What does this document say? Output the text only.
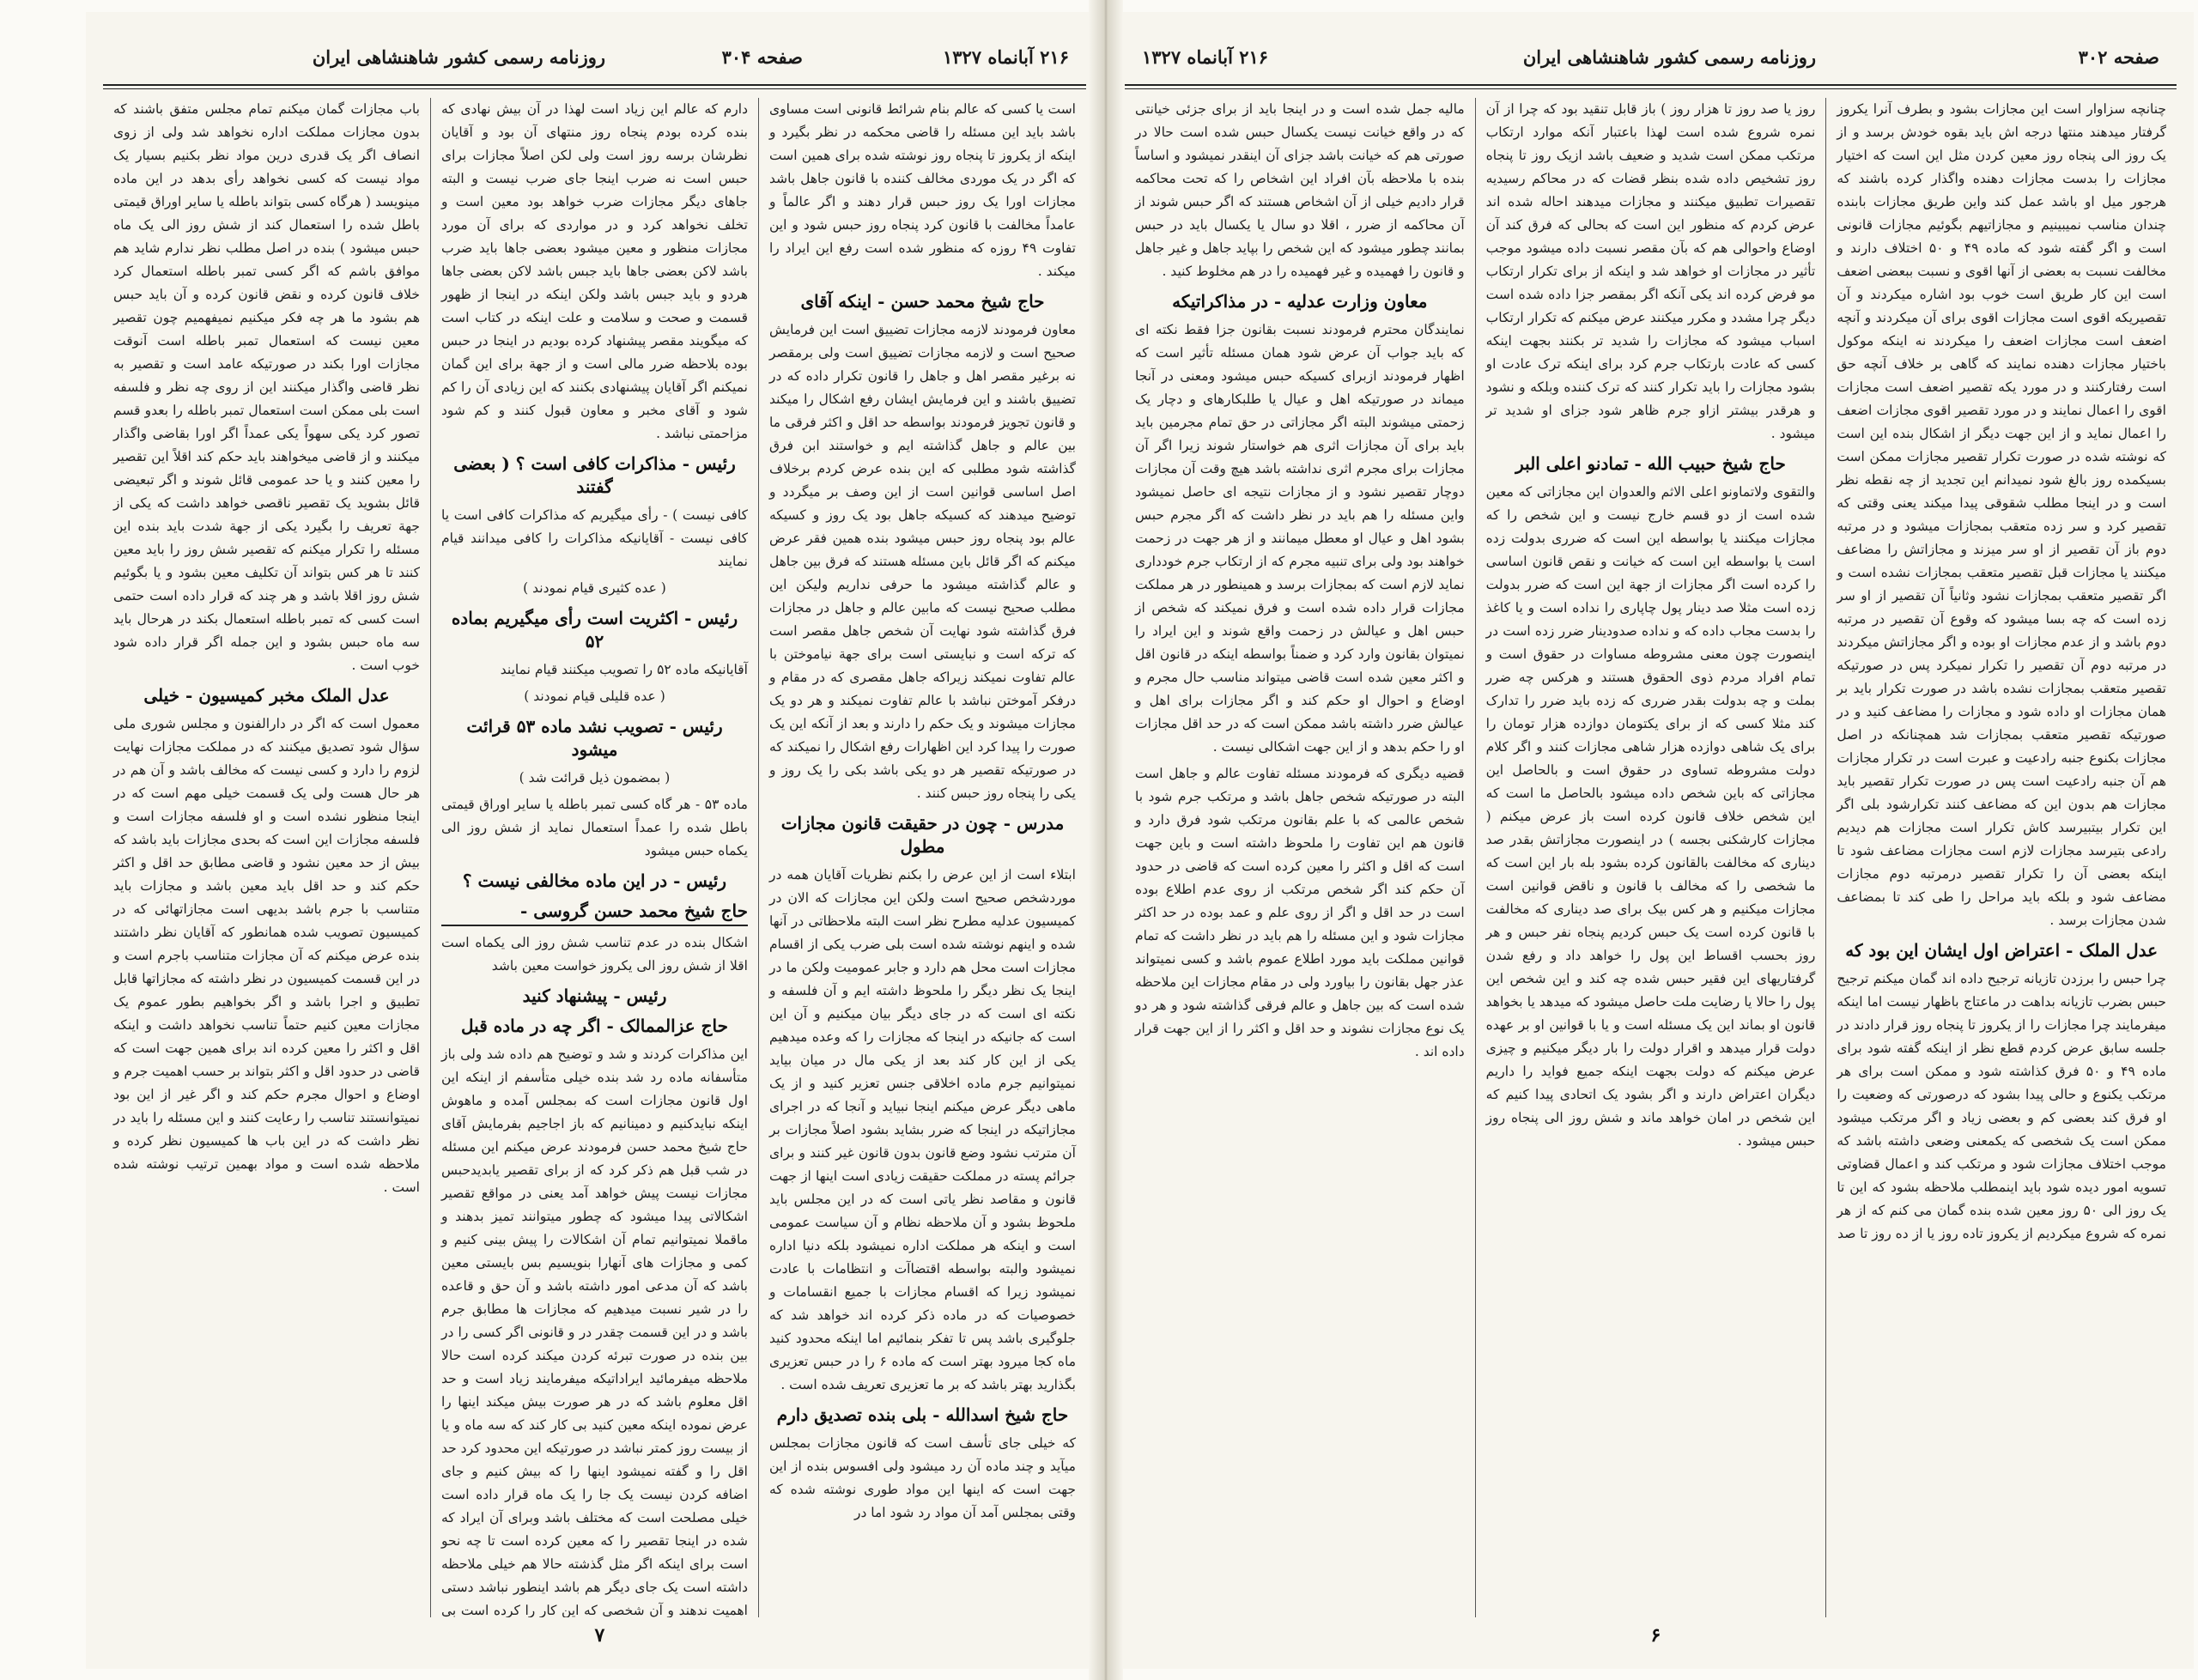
صفحه ۳۰۲
روزنامه رسمی کشور شاهنشاهی ایران
۲۱۶ آبانماه ۱۳۲۷

چنانچه سزاوار است این مجازات بشود و بطرف آنرا یکروز گرفتار میدهند منتها درجه اش باید بقوه خودش برسد و از یک روز الی پنجاه روز معین کردن مثل این است که اختیار مجازات را بدست مجازات دهنده واگذار کرده باشند که هرجور میل او باشد عمل کند واین طریق مجازات بابنده چندان مناسب نمیبینیم و مجازاتیهم بگوئیم مجازات قانونی است و اگر گفته شود که ماده ۴۹ و ۵۰ اختلاف دارند و مخالفت نسبت به بعضی از آنها اقوی و نسبت ببعضی اضعف است این کار طریق است خوب بود اشاره میکردند و آن تقصیریکه اقوی است مجازات اقوی برای آن میکردند و آنچه اضعف است مجازات اضعف را میکردند نه اینکه موکول باختیار مجازات دهنده نمایند که گاهی بر خلاف آنچه حق است رفتارکنند و در مورد یکه تقصیر اضعف است مجازات اقوی را اعمال نمایند و در مورد تقصیر اقوی مجازات اضعف را اعمال نماید و از این جهت دیگر از اشکال بنده این است که نوشته شده در صورت تکرار تقصیر مجازات ممکن است بسیکمده روز بالغ شود نمیدانم این تجدید از چه نقطه نظر است و در اینجا مطلب شقوقی پیدا میکند یعنی وقتی که تقصیر کرد و سر زده متعقب بمجازات میشود و در مرتبه دوم باز آن تقصیر از او سر میزند و مجازاتش را مضاعف میکنند یا مجازات قبل تقصیر متعقب بمجازات نشده است و اگر تقصیر متعقب بمجازات نشود وثانیاً آن تقصیر از او سر زده است که چه بسا میشود که وقوع آن تقصیر در مرتبه دوم باشد و از عدم مجازات او بوده و اگر مجازاتش میکردند در مرتبه دوم آن تقصیر را تکرار نمیکرد پس در صورتیکه تقصیر متعقب بمجازات نشده باشد در صورت تکرار باید بر همان مجازات او داده شود و مجازات را مضاعف کنید و در صورتیکه تقصیر متعقب بمجازات شد همچنانکه در اصل مجازات بکنوع جنبه رادعیت و عبرت است در تکرار مجازات هم آن جنبه رادعیت است پس در صورت تکرار تقصیر باید مجازات هم بدون این که مضاعف کنند تکرارشود بلی اگر این تکرار بیتبیرسد کاش تکرار است مجازات هم دیدیم رادعی بتیرسد مجازات لازم است مجازات مضاعف شود تا اینکه بعضی آن را تکرار تقصیر درمرتبه دوم مجازات مضاعف شود و بلکه باید مراحل را طی کند تا بمضاعف شدن مجازات برسد .

عدل الملک - اعتراض اول ایشان این بود که

چرا حبس را برزدن تازیانه ترجیح داده اند گمان میکنم ترجیح حبس بضرب تازیانه بداهت در ماعتاج باظهار نیست اما اینکه میفرمایند چرا مجازات را از یکروز تا پنجاه روز قرار دادند در جلسه سابق عرض کردم قطع نظر از اینکه گفته شود برای ماده ۴۹ و ۵۰ فرق کذاشته شود و ممکن است برای هر مرتکب یکنوع و حالی پیدا بشود که درصورتی که وضعیت را او فرق کند بعضی کم و بعضی زیاد و اگر مرتکب میشود ممکن است یک شخصی که یکمعنی وضعی داشته باشد که موجب اختلاف مجازات شود و مرتکب کند و اعمال قضاوتی تسویه امور دیده شود باید اینمطلب ملاحظه بشود که این تا یک روز الی ۵۰ روز معین شده بنده گمان می کنم که از هر نمره که شروع میکردیم از یکروز تاده روز یا از ده روز تا صد

روز یا صد روز تا هزار روز ) باز قابل تنقید بود که چرا از آن نمره شروع شده است لهذا باعتبار آنکه موارد ارتکاب مرتکب ممکن است شدید و ضعیف باشد ازیک روز تا پنجاه روز تشخیص داده شده بنظر قضات که در محاکم رسیدیه تقصیرات تطبیق میکنند و مجازات میدهند احاله شده اند عرض کردم که منظور این است که بحالی که فرق کند آن اوضاع واحوالی هم که بآن مقصر نسبت داده میشود موجب تأثیر در مجازات او خواهد شد و اینکه از برای تکرار ارتکاب مو فرض کرده اند یکی آنکه اگر بمقصر جزا داده شده است دیگر چرا مشدد و مکرر میکنند عرض میکنم که تکرار ارتکاب اسباب میشود که مجازات را شدید تر بکنند بجهت اینکه کسی که عادت بارتکاب جرم کرد برای اینکه ترک عادت او بشود مجازات را باید تکرار کنند که ترک کننده وبلکه و نشود و هرقدر بیشتر ازاو جرم ظاهر شود جزای او شدید تر میشود .

حاج شیخ حبیب الله - تمادنو اعلی البر

والتقوی ولاتماونو اعلی الاثم والعدوان این مجازاتی که معین شده است از دو قسم خارج نیست و این شخص را که مجازات میکنند یا بواسطه این است که ضرری بدولت زده است یا بواسطه این است که خیانت و نقص قانون اساسی را کرده است اگر مجازات از جهة این است که ضرر بدولت زده است مثلا صد دینار پول چاپاری را نداده است و یا کاغذ را بدست مجاب داده که و نداده صدودینار ضرر زده است در اینصورت چون معنی مشروطه مساوات در حقوق است و تمام افراد مردم ذوی الحقوق هستند و هرکس چه ضرر بملت و چه بدولت بقدر ضرری که زده باید ضرر را تدارک کند مثلا کسی که از برای یکتومان دوازده هزار تومان را برای یک شاهی دوازده هزار شاهی مجازات کنند و اگر کلام دولت مشروطه تساوی در حقوق است و بالحاصل این مجازاتی که باین شخص داده میشود بالحاصل ما است که این شخص خلاف قانون کرده است باز عرض میکنم ( مجازات کارشکنی بجسه ) در اینصورت مجازاتش بقدر صد دیناری که مخالفت بالقانون کرده بشود بله بار این است که ما شخصی را که مخالف با قانون و ناقض قوانین است مجازات میکنیم و هر کس بیک برای صد دیناری که مخالفت با قانون کرده است یک حبس کردیم پنجاه نفر حبس و هر روز بحسب اقساط این پول را خواهد داد و رفع شدن گرفتاریهای این فقیر حبس شده چه کند و این شخص این پول را حالا یا رضایت ملت حاصل میشود که میدهد یا بخواهد قانون او بماند این یک مسئله است و یا با قوانین او بر عهده دولت قرار میدهد و اقرار دولت را بار دیگر میکنیم و چیزی عرض میکنم که دولت بجهت اینکه جمیع فواید را داریم دیگران اعتراض دارند و اگر بشود یک اتحادی پیدا کنیم که این شخص در امان خواهد ماند و شش روز الی پنجاه روز حبس میشود .

مالیه جمل شده است و در اینجا باید از برای جزئی خیانتی که در واقع خیانت نیست یکسال حبس شده است حالا در صورتی هم که خیانت باشد جزای آن اینقدر نمیشود و اساساً بنده با ملاحظه بآن افراد این اشخاص را که تحت محاکمه قرار دادیم خیلی از آن اشخاص هستند که اگر حبس شوند از آن محاکمه از ضرر ، اقلا دو سال یا یکسال باید در حبس بمانند چطور میشود که این شخص را بپاید جاهل و غیر جاهل و قانون را فهمیده و غیر فهمیده را در هم مخلوط کنید .

معاون وزارت عدلیه - در مذاکراتیکه

نمایندگان محترم فرمودند نسبت بقانون جزا فقط نکته ای که باید جواب آن عرض شود همان مسئله تأثیر است که اظهار فرمودند ازبرای کسیکه حبس میشود ومعنی در آنجا میماند در صورتیکه اهل و عیال یا طلبکارهای و دچار یک زحمتی میشوند البته اگر مجازاتی در حق تمام مجرمین باید باید برای آن مجازات اثری هم خواستار شوند زیرا اگر آن مجازات برای مجرم اثری نداشته باشد هیچ وقت آن مجازات دوچار تقصیر نشود و از مجازات نتیجه ای حاصل نمیشود واین مسئله را هم باید در نظر داشت که اگر مجرم حبس بشود اهل و عیال او معطل میمانند و از هر جهت در زحمت خواهند بود ولی برای تنبیه مجرم که از ارتکاب جرم خودداری نماید لازم است که بمجازات برسد و همینطور در هر مملکت مجازات قرار داده شده است و فرق نمیکند که شخص از حبس اهل و عیالش در زحمت واقع شوند و این ایراد را نمیتوان بقانون وارد کرد و ضمناً بواسطه اینکه در قانون اقل و اکثر معین شده است قاضی میتواند مناسب حال مجرم و اوضاع و احوال او حکم کند و اگر مجازات برای اهل و عیالش ضرر داشته باشد ممکن است که در حد اقل مجازات او را حکم بدهد و از این جهت اشکالی نیست .

قضیه دیگری که فرمودند مسئله تفاوت عالم و جاهل است البته در صورتیکه شخص جاهل باشد و مرتکب جرم شود با شخص عالمی که با علم بقانون مرتکب شود فرق دارد و قانون هم این تفاوت را ملحوظ داشته است و باین جهت است که اقل و اکثر را معین کرده است که قاضی در حدود آن حکم کند اگر شخص مرتکب از روی عدم اطلاع بوده است در حد اقل و اگر از روی علم و عمد بوده در حد اکثر مجازات شود و این مسئله را هم باید در نظر داشت که تمام قوانین مملکت باید مورد اطلاع عموم باشد و کسی نمیتواند عذر جهل بقانون را بیاورد ولی در مقام مجازات این ملاحظه شده است که بین جاهل و عالم فرقی گذاشته شود و هر دو یک نوع مجازات نشوند و حد اقل و اکثر را از این جهت قرار داده اند .

۶
۲۱۶ آبانماه ۱۳۲۷
روزنامه رسمی کشور شاهنشاهی ایران	صفحه ۳۰۴

است یا کسی که عالم بنام شرائط قانونی است مساوی باشد باید این مسئله را قاضی محکمه در نظر بگیرد و اینکه از یکروز تا پنجاه روز نوشته شده برای همین است که اگر در یک موردی مخالف کننده با قانون جاهل باشد مجازات اورا یک روز حبس قرار دهند و اگر عالماً و عامداً مخالفت با قانون کرد پنجاه روز حبس شود و این تفاوت ۴۹ روزه که منظور شده است رفع این ایراد را میکند .

حاج شیخ محمد حسن - اینکه آقای

معاون فرمودند لازمه مجازات تضییق است این فرمایش صحیح است و لازمه مجازات تضییق است ولی برمقصر نه برغیر مقصر اهل و جاهل را قانون تکرار داده که در تضییق باشند و این فرمایش ایشان رفع اشکال را میکند و قانون تجویز فرمودند بواسطه حد اقل و اکثر فرقی ما بین عالم و جاهل گذاشته ایم و خواستند ابن فرق گذاشته شود مطلبی که این بنده عرض کردم برخلاف اصل اساسی قوانین است از این وصف بر میگردد و توضیح میدهند که کسیکه جاهل بود یک روز و کسیکه عالم بود پنجاه روز حبس میشود بنده همین فقر عرض میکنم که اگر قائل باین مسئله هستند که فرق بین جاهل و عالم گذاشته میشود ما حرفی نداریم ولیکن این مطلب صحیح نیست که مابین عالم و جاهل در مجازات فرق گذاشته شود نهایت آن شخص جاهل مقصر است که ترکه است و نبایستی است برای جهة نیاموختن با عالم تفاوت نمیکند زیراکه جاهل مقصری که در مقام و درفکر آموختن نباشد با عالم تفاوت نمیکند و هر دو یک مجازات میشوند و یک حکم را دارند و بعد از آنکه این یک صورت را پیدا کرد این اظهارات رفع اشکال را نمیکند که در صورتیکه تقصیر هر دو یکی باشد بکی را یک روز و یکی را پنجاه روز حبس کنند .

مدرس - چون در حقیقت قانون مجازات مطول

ابتلاء است از این عرض را بکنم نظریات آقایان همه در موردشخص صحیح است ولکن این مجازات که الان در کمیسیون عدلیه مطرح نظر است البته ملاحظاتی در آنها شده و اینهم نوشته شده است بلی ضرب یکی از اقسام مجازات است محل هم دارد و جابر عمومیت ولکن ما در اینجا یک نظر دیگر را ملحوظ داشته ایم و آن فلسفه و نکته ای است که در جای دیگر بیان میکنیم و آن این است که جانیکه در اینجا که مجازات را که وعده میدهیم یکی از این کار کند بعد از یکی مال در میان بیاید نمیتوانیم جرم ماده اخلاقی جنس تعزیر کنید و از یک ماهی دیگر عرض میکنم اینجا نبیاید و آنجا که در اجرای مجازاتیکه در اینجا که ضرر بشاید بشود اصلاً مجازات بر آن مترتب نشود وضع قانون بدون قانون غیر کنند و برای جرائم پسته در مملکت حقیقت زیادی است اینها از جهت قانون و مقاصد نظر یاتی است که در این مجلس باید ملحوظ بشود و آن ملاحظه نظام و آن سیاست عمومی است و اینکه هر مملکت اداره نمیشود بلکه دنیا اداره نمیشود والبته بواسطه اقتضاآت و انتظامات با عادت نمیشود زیرا که اقسام مجازات با جمیع انقسامات و خصوصیات که در ماده ذکر کرده اند خواهد شد که جلوگیری باشد پس تا تفکر بنمائیم اما اینکه محدود کنید ماه کجا میرود بهتر است که ماده ۶ را در حبس تعزیری بگذارید بهتر باشد که بر ما تعزیری تعریف شده است .

حاج شیخ اسدالله - بلی بنده تصدیق دارم

که خیلی جای تأسف است که قانون مجازات بمجلس میآید و چند ماده آن رد میشود ولی افسوس بنده از این جهت است که اینها این مواد طوری نوشته شده که وقتی بمجلس آمد آن مواد رد شود اما در

دارم که عالم این زیاد است لهذا در آن بیش نهادی که بنده کرده بودم پنجاه روز منتهای آن بود و آقایان نظرشان برسه روز است ولی لکن اصلاً مجازات برای حبس است نه ضرب اینجا جای ضرب نیست و البته جاهای دیگر مجازات ضرب خواهد بود معین است و تخلف نخواهد کرد و در مواردی که برای آن مورد مجازات منظور و معین میشود بعضی جاها باید ضرب باشد لاکن بعضی جاها باید جبس باشد لاکن بعضی جاها هردو و باید جبس باشد ولکن اینکه در اینجا از ظهور قسمت و صحت و سلامت و علت اینکه در کتاب است که میگویند مقصر پیشنهاد کرده بودیم در اینجا در حبس بوده بلاحظه ضرر مالی است و از جهة برای این گمان نمیکنم اگر آقایان پیشنهادی بکنند که این زیادی آن را کم شود و آقای مخبر و معاون قبول کنند و کم شود مزاحمتی نباشد .

رئیس - مذاکرات کافی است ؟ ( بعضی گفتند

کافی نیست ) - رأی میگیریم که مذاکرات کافی است یا کافی نیست - آقایانیکه مذاکرات را کافی میدانند قیام نمایند

( عده کثیری قیام نمودند )

رئیس - اکثریت است رأی میگیریم بماده ۵۲

آقایانیکه ماده ۵۲ را تصویب میکنند قیام نمایند

( عده قلیلی قیام نمودند )

رئیس - تصویب نشد ماده ۵۳ قرائت میشود

( بمضمون ذیل قرائت شد )

ماده ۵۳ - هر گاه کسی تمبر باطله یا سایر اوراق قیمتی باطل شده را عمداً استعمال نماید از شش روز الی یکماه حبس میشود

رئیس - در این ماده مخالفی نیست ؟
حاج شیخ محمد حسن گروسی -

اشکال بنده در عدم تناسب شش روز الی یکماه است اقلا از شش روز الی یکروز خواست معین باشد

رئیس - پیشنهاد کنید
حاج عزالممالک - اگر چه در ماده قبل

این مذاکرات کردند و شد و توضیح هم داده شد ولی باز متأسفانه ماده رد شد بنده خیلی متأسفم از اینکه این اول قانون مجازات است که بمجلس آمده و ماهوش اینکه نبایدکنیم و دمینانیم که باز اجاجیم بفرمایش آقای حاج شیخ محمد حسن فرمودند عرض میکنم این مسئله در شب قبل هم ذکر کرد که از برای تقصیر یابدیدحبس مجازات نیست پیش خواهد آمد یعنی در مواقع تقصیر اشکالاتی پیدا میشود که چطور میتوانند تمیز بدهند و ماقملا نمیتوانیم تمام آن اشکالات را پیش بینی کنیم و کمی و مجازات های آنهارا بنویسیم بس بایستی معین باشد که آن مدعی امور داشته باشد و آن حق و قاعده را در شیر نسبت میدهیم که مجازات ها مطابق جرم باشد و در این قسمت چقدر در و قانونی اگر کسی را در بین بنده در صورت تبرئه کردن میکند کرده است حالا ملاحظه میفرمائید ایراداتیکه میفرمایند زیاد است و حد اقل معلوم باشد که در هر صورت بیش میکند اینها را عرض نموده اینکه معین کنید بی کار کند که سه ماه و یا از بیست روز کمتر نباشد در صورتیکه این محدود کرد حد اقل را و گفته نمیشود اینها را که بیش کنیم و جای اضافه کردن نیست یک جا را یک ماه قرار داده است خیلی مصلحت است که مختلف باشد وبرای آن ایراد که شده در اینجا تقصیر را که معین کرده است تا چه نحو است برای اینکه اگر مثل گذشته حالا هم خیلی ملاحظه داشته است یک جای دیگر هم باشد اینطور نباشد دستی اهمیت ندهند و آن شخصی که این کار را کرده است بی

باب مجازات گمان میکنم تمام مجلس متفق باشند که بدون مجازات مملکت اداره نخواهد شد ولی از زوی انصاف اگر یک قدری درین مواد نظر بکنیم بسیار یک مواد نیست که کسی نخواهد رأی بدهد در این ماده مینویسد ( هرگاه کسی بتواند باطله یا سایر اوراق قیمتی باطل شده را استعمال کند از شش روز الی یک ماه حبس میشود ) بنده در اصل مطلب نظر ندارم شاید هم موافق باشم که اگر کسی تمبر باطله استعمال کرد خلاف قانون کرده و نقض قانون کرده و آن باید حبس هم بشود ما هر چه فکر میکنیم نمیفهمیم چون تقصیر معین نیست که استعمال تمبر باطله است آنوقت مجازات اورا بکند در صورتیکه عامد است و تقصیر به نظر قاضی واگذار میکنند این از روی چه نظر و فلسفه است بلی ممکن است استعمال تمبر باطله را بعدو قسم تصور کرد یکی سهواً یکی عمداً اگر اورا بقاضی واگذار میکنند و از قاضی میخواهند باید حکم کند اقلاً این تقصیر را معین کنند و یا حد عمومی قائل شوند و اگر تبعیضی قائل بشوید یک تقصیر ناقصی خواهد داشت که یکی از جهة تعریف را بگیرد یکی از جهة شدت باید بنده این مسئله را تکرار میکنم که تقصیر شش روز را باید معین کنند تا هر کس بتواند آن تکلیف معین بشود و یا بگوئیم شش روز اقلا باشد و هر چند که قرار داده است حتمی است کسی که تمبر باطله استعمال بکند در هرحال باید سه ماه حبس بشود و این جمله اگر قرار داده شود خوب است .

عدل الملک مخبر کمیسیون - خیلی

معمول است که اگر در دارالفنون و مجلس شوری ملی سؤال شود تصدیق میکنند که در مملکت مجازات نهایت لزوم را دارد و کسی نیست که مخالف باشد و آن هم در هر حال هست ولی یک قسمت خیلی مهم است که در اینجا منظور نشده است و او فلسفه مجازات است و فلسفه مجازات این است که بحدی مجازات باید باشد که بیش از حد معین نشود و قاضی مطابق حد اقل و اکثر حکم کند و حد اقل باید معین باشد و مجازات باید متناسب با جرم باشد بدیهی است مجازاتهائی که در کمیسیون تصویب شده همانطور که آقایان نظر داشتند بنده عرض میکنم که آن مجازات متناسب باجرم است و در این قسمت کمیسیون در نظر داشته که مجازاتها قابل تطبیق و اجرا باشد و اگر بخواهیم بطور عموم یک مجازات معین کنیم حتماً تناسب نخواهد داشت و اینکه اقل و اکثر را معین کرده اند برای همین جهت است که قاضی در حدود اقل و اکثر بتواند بر حسب اهمیت جرم و اوضاع و احوال مجرم حکم کند و اگر غیر از این بود نمیتوانستند تناسب را رعایت کنند و این مسئله را باید در نظر داشت که در این باب ها کمیسیون نظر کرده و ملاحظه شده است و مواد بهمین ترتیب نوشته شده است .

۷
